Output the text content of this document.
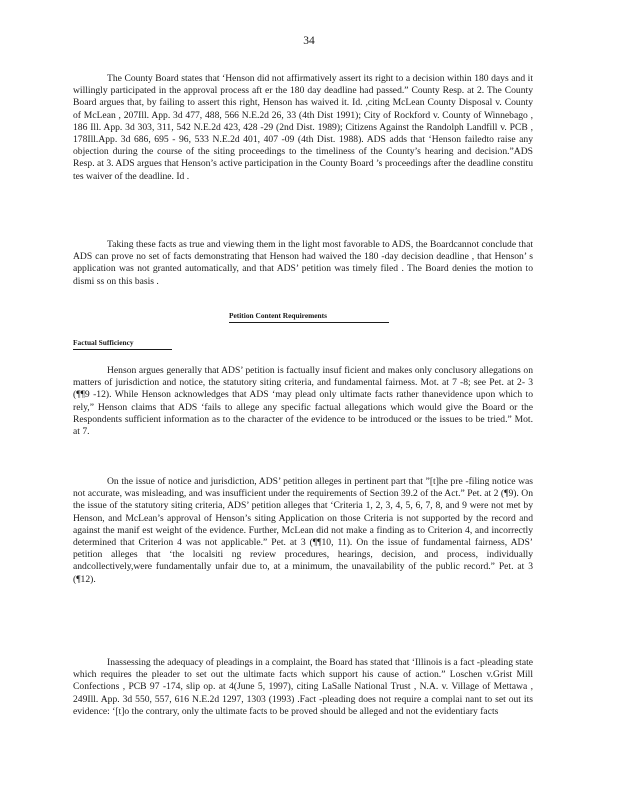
34

The County Board states that ‘Henson did not affirmatively assert its right to a decision within 180 days and it willingly participated in the approval process aft er the 180 day deadline had passed.” County Resp. at 2. The County Board argues that, by failing to assert this right, Henson has waived it. Id. ,citing McLean County Disposal v. County of McLean , 207Ill. App. 3d 477, 488, 566 N.E.2d 26, 33 (4th Dist 1991); City of Rockford v. County of Winnebago , 186 Ill. App. 3d 303, 311, 542 N.E.2d 423, 428 -29 (2nd Dist. 1989); Citizens Against the Randolph Landfill v. PCB , 178Ill.App. 3d 686, 695 - 96, 533 N.E.2d 401, 407 -09 (4th Dist. 1988). ADS adds that ‘Henson failedto raise any objection during the course of the siting proceedings to the timeliness of the County’s hearing and decision.”ADS Resp. at 3. ADS argues that Henson’s active participation in the County Board ’s proceedings after the deadline constitu tes waiver of the deadline. Id .

Taking these facts as true and viewing them in the light most favorable to ADS, the Boardcannot conclude that ADS can prove no set of facts demonstrating that Henson had waived the 180 -day decision deadline , that Henson’ s application was not granted automatically, and that ADS’ petition was timely filed . The Board denies the motion to dismi ss on this basis .

Petition Content Requirements
Factual Sufficiency

Henson argues generally that ADS’ petition is factually insuf ficient and makes only conclusory allegations on matters of jurisdiction and notice, the statutory siting criteria, and fundamental fairness. Mot. at 7 -8; see Pet. at 2- 3 (¶¶9 -12). While Henson acknowledges that ADS ‘may plead only ultimate facts rather thanevidence upon which to rely,” Henson claims that ADS ‘fails to allege any specific factual allegations which would give the Board or the Respondents sufficient information as to the character of the evidence to be introduced or the issues to be tried.” Mot. at 7.

On the issue of notice and jurisdiction, ADS’ petition alleges in pertinent part that ”[t]he pre -filing notice was not accurate, was misleading, and was insufficient under the requirements of Section 39.2 of the Act.” Pet. at 2 (¶9). On the issue of the statutory siting criteria, ADS’ petition alleges that ‘Criteria 1, 2, 3, 4, 5, 6, 7, 8, and 9 were not met by Henson, and McLean’s approval of Henson’s siting Application on those Criteria is not supported by the record and against the manif est weight of the evidence. Further, McLean did not make a finding as to Criterion 4, and incorrectly determined that Criterion 4 was not applicable.” Pet. at 3 (¶¶10, 11). On the issue of fundamental fairness, ADS’ petition alleges that ‘the localsiti ng review procedures, hearings, decision, and process, individually andcollectively,were fundamentally unfair due to, at a minimum, the unavailability of the public record.” Pet. at 3 (¶12).

Inassessing the adequacy of pleadings in a complaint, the Board has stated that ‘Illinois is a fact -pleading state which requires the pleader to set out the ultimate facts which support his cause of action.” Loschen v.Grist Mill Confections , PCB 97 -174, slip op. at 4(June 5, 1997), citing LaSalle National Trust , N.A. v. Village of Mettawa , 249Ill. App. 3d 550, 557, 616 N.E.2d 1297, 1303 (1993) .Fact -pleading does not require a complai nant to set out its evidence: ‘[t]o the contrary, only the ultimate facts to be proved should be alleged and not the evidentiary facts
